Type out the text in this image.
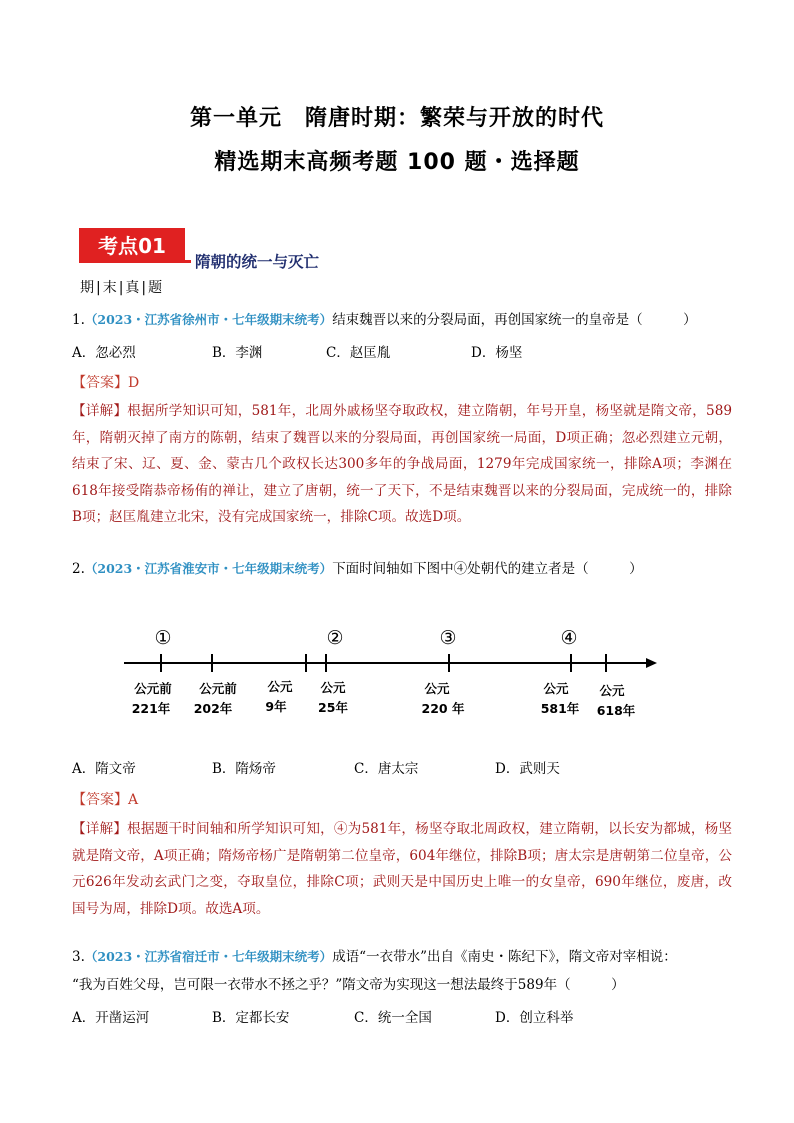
第一单元　隋唐时期：繁荣与开放的时代
精选期末高频考题 100 题・选择题
考点01
隋朝的统一与灭亡
期|末|真|题
1.（2023・江苏省徐州市・七年级期末统考）结束魏晋以来的分裂局面，再创国家统一的皇帝是（　　　）
A．忽必烈	B．李渊	C．赵匡胤	D．杨坚
【答案】D
【详解】根据所学知识可知，581年，北周外戚杨坚夺取政权，建立隋朝，年号开皇，杨坚就是隋文帝，589年，隋朝灭掉了南方的陈朝，结束了魏晋以来的分裂局面，再创国家统一局面，D项正确；忽必烈建立元朝，结束了宋、辽、夏、金、蒙古几个政权长达300多年的争战局面，1279年完成国家统一，排除A项；李渊在618年接受隋恭帝杨侑的禅让，建立了唐朝，统一了天下，不是结束魏晋以来的分裂局面，完成统一的，排除B项；赵匡胤建立北宋，没有完成国家统一，排除C项。故选D项。
2.（2023・江苏省淮安市・七年级期末统考）下面时间轴如下图中④处朝代的建立者是（　　　）
①	②	③	④
公元前
221年
公元前
202年
公元
9年
公元
25年
公元
220 年
公元
581年
公元
618年
A．隋文帝	B．隋炀帝	C．唐太宗	D．武则天
【答案】A
【详解】根据题干时间轴和所学知识可知，④为581年，杨坚夺取北周政权，建立隋朝，以长安为都城，杨坚就是隋文帝，A项正确；隋炀帝杨广是隋朝第二位皇帝，604年继位，排除B项；唐太宗是唐朝第二位皇帝，公元626年发动玄武门之变，夺取皇位，排除C项；武则天是中国历史上唯一的女皇帝，690年继位，废唐，改国号为周，排除D项。故选A项。
3.（2023・江苏省宿迁市・七年级期末统考）成语“一衣带水”出自《南史・陈纪下》，隋文帝对宰相说：
“我为百姓父母，岂可限一衣带水不拯之乎？”隋文帝为实现这一想法最终于589年（　　　）
A．开凿运河	B．定都长安	C．统一全国	D．创立科举
